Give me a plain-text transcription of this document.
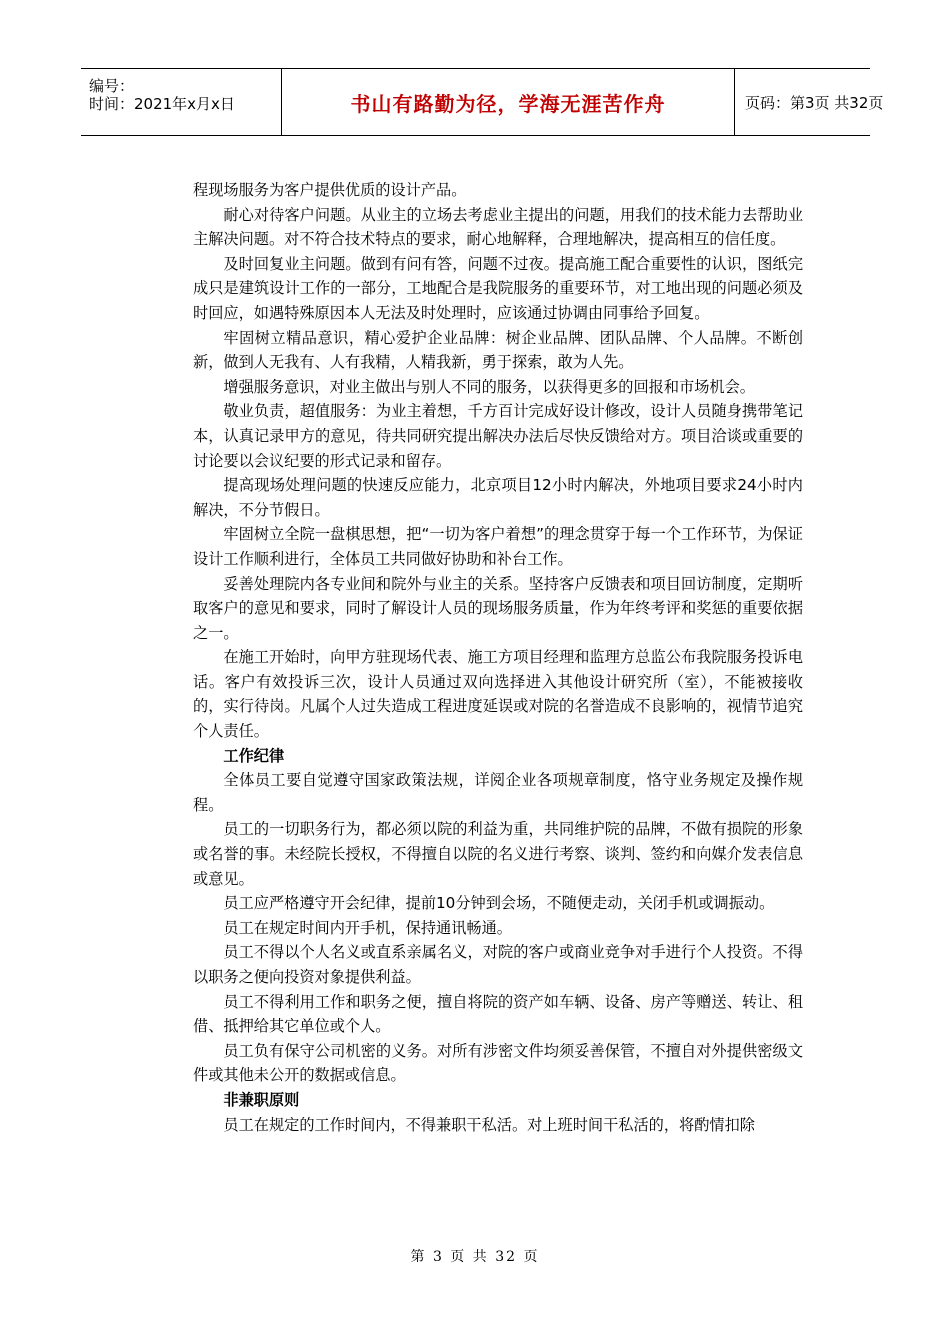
编号：
时间：2021年x月x日	书山有路勤为径，学海无涯苦作舟	页码：第3页 共32页

程现场服务为客户提供优质的设计产品。

耐心对待客户问题。从业主的立场去考虑业主提出的问题，用我们的技术能力去帮助业主解决问题。对不符合技术特点的要求，耐心地解释，合理地解决，提高相互的信任度。

及时回复业主问题。做到有问有答，问题不过夜。提高施工配合重要性的认识，图纸完成只是建筑设计工作的一部分，工地配合是我院服务的重要环节，对工地出现的问题必须及时回应，如遇特殊原因本人无法及时处理时，应该通过协调由同事给予回复。

牢固树立精品意识，精心爱护企业品牌：树企业品牌、团队品牌、个人品牌。不断创新，做到人无我有、人有我精，人精我新，勇于探索，敢为人先。

增强服务意识，对业主做出与别人不同的服务，以获得更多的回报和市场机会。

敬业负责，超值服务：为业主着想，千方百计完成好设计修改，设计人员随身携带笔记本，认真记录甲方的意见，待共同研究提出解决办法后尽快反馈给对方。项目洽谈或重要的讨论要以会议纪要的形式记录和留存。

提高现场处理问题的快速反应能力，北京项目12小时内解决，外地项目要求24小时内解决，不分节假日。

牢固树立全院一盘棋思想，把“一切为客户着想”的理念贯穿于每一个工作环节，为保证设计工作顺利进行，全体员工共同做好协助和补台工作。

妥善处理院内各专业间和院外与业主的关系。坚持客户反馈表和项目回访制度，定期听取客户的意见和要求，同时了解设计人员的现场服务质量，作为年终考评和奖惩的重要依据之一。

在施工开始时，向甲方驻现场代表、施工方项目经理和监理方总监公布我院服务投诉电话。客户有效投诉三次，设计人员通过双向选择进入其他设计研究所（室），不能被接收的，实行待岗。凡属个人过失造成工程进度延误或对院的名誉造成不良影响的，视情节追究个人责任。

工作纪律

全体员工要自觉遵守国家政策法规，详阅企业各项规章制度，恪守业务规定及操作规程。

员工的一切职务行为，都必须以院的利益为重，共同维护院的品牌，不做有损院的形象或名誉的事。未经院长授权，不得擅自以院的名义进行考察、谈判、签约和向媒介发表信息或意见。

员工应严格遵守开会纪律，提前10分钟到会场，不随便走动，关闭手机或调振动。

员工在规定时间内开手机，保持通讯畅通。

员工不得以个人名义或直系亲属名义，对院的客户或商业竞争对手进行个人投资。不得以职务之便向投资对象提供利益。

员工不得利用工作和职务之便，擅自将院的资产如车辆、设备、房产等赠送、转让、租借、抵押给其它单位或个人。

员工负有保守公司机密的义务。对所有涉密文件均须妥善保管，不擅自对外提供密级文件或其他未公开的数据或信息。

非兼职原则

员工在规定的工作时间内，不得兼职干私活。对上班时间干私活的，将酌情扣除

第 3 页 共 32 页
